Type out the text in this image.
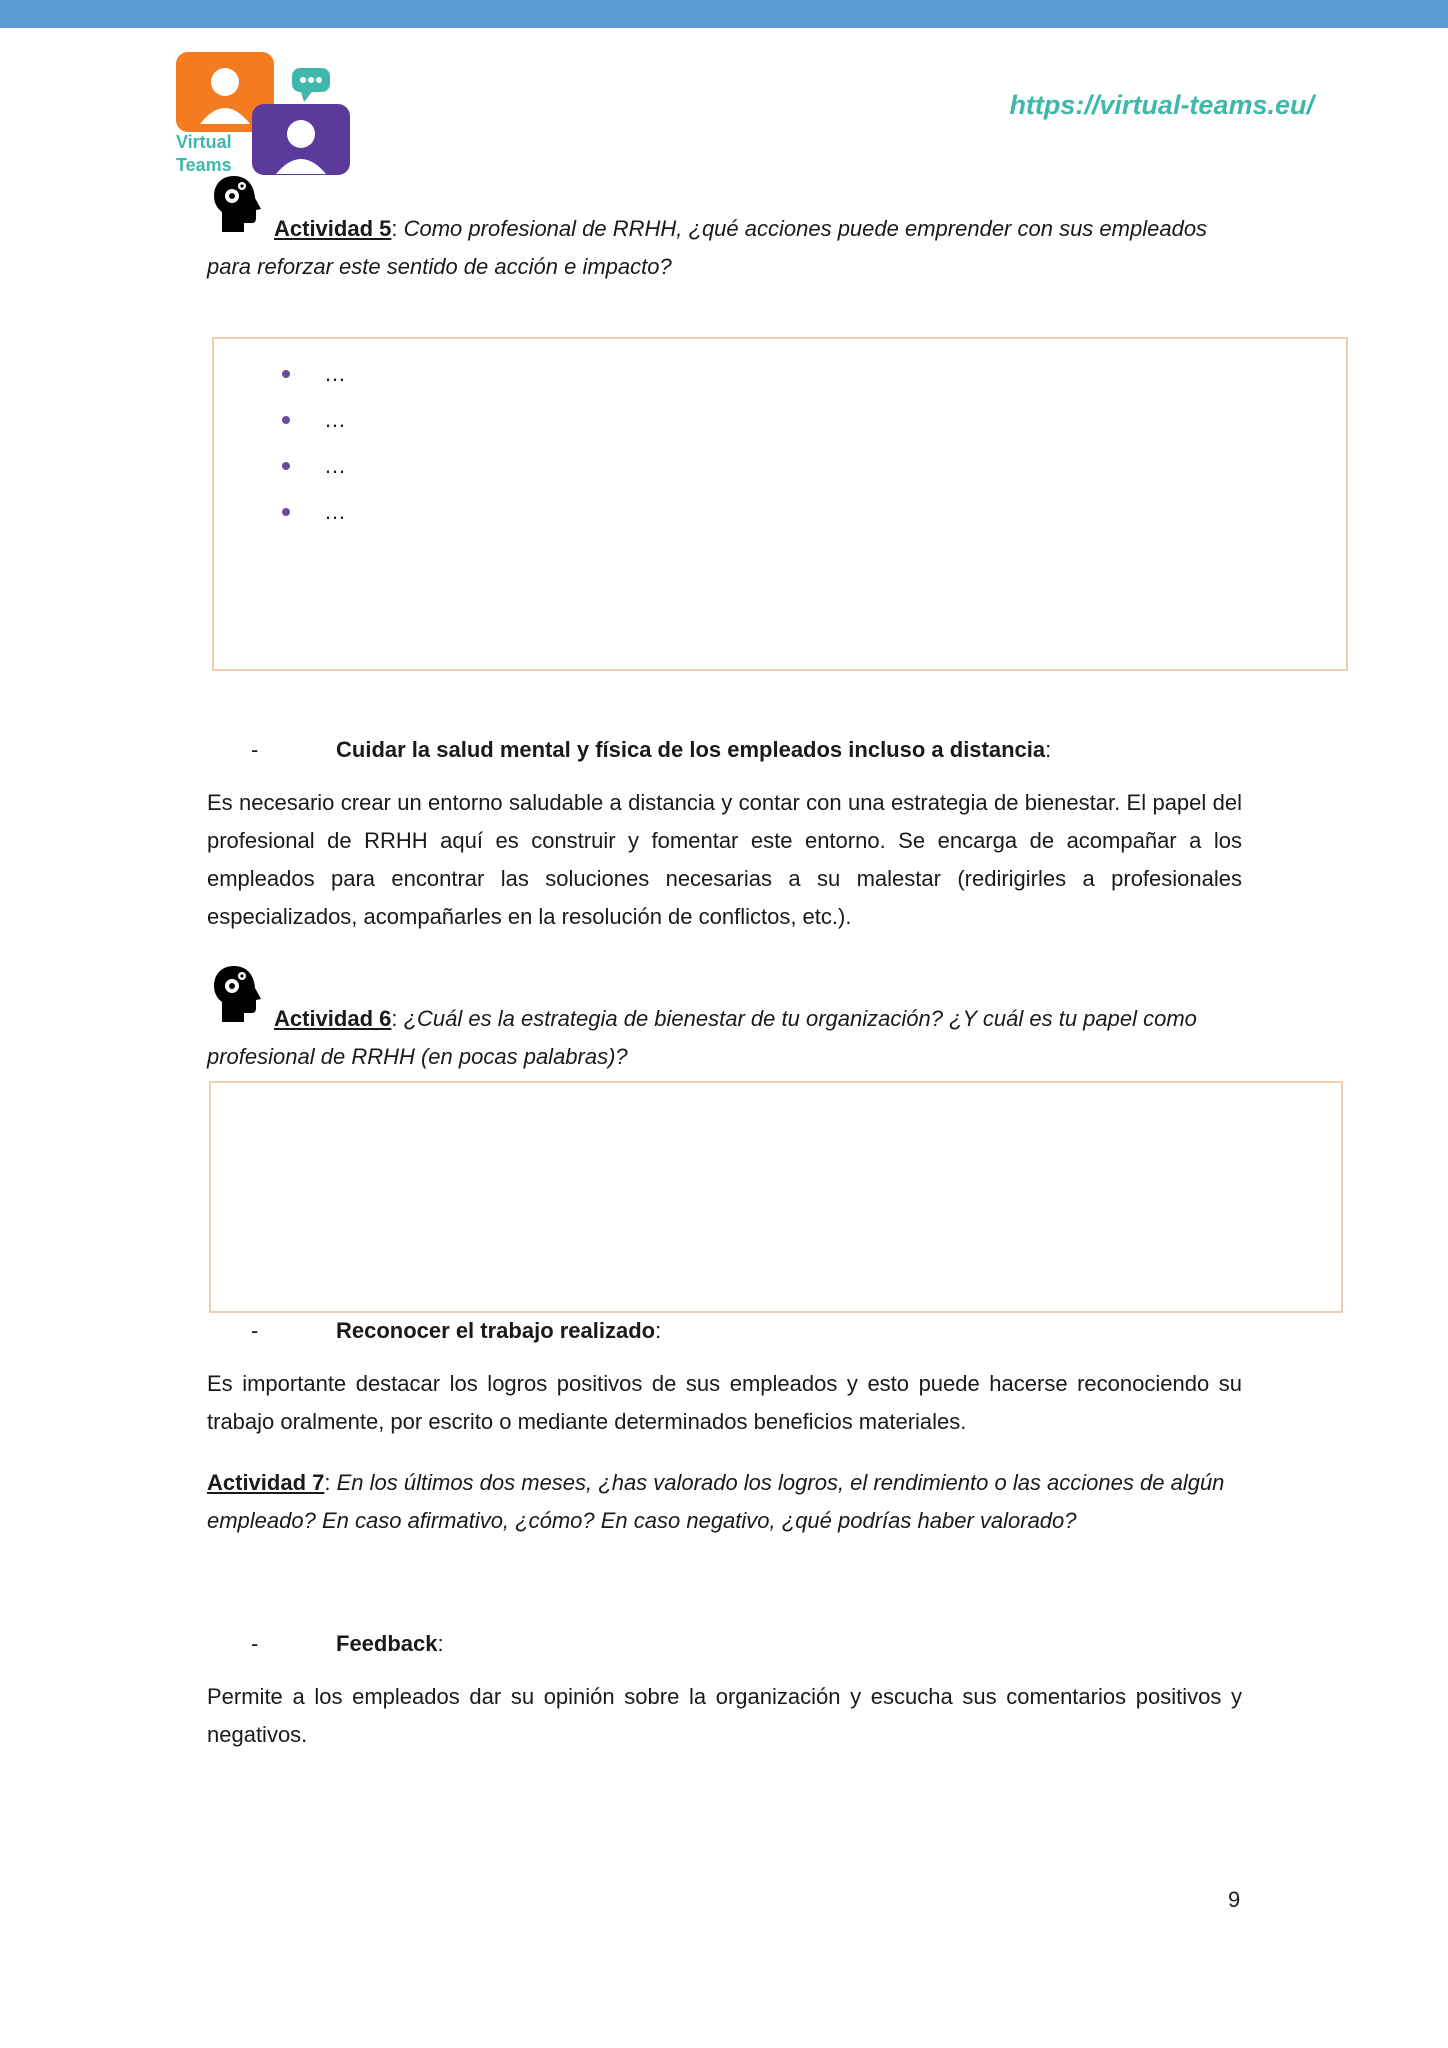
Virtual
Teams
https://virtual-teams.eu/
Actividad 5: Como profesional de RRHH, ¿qué acciones puede emprender con sus empleados para reforzar este sentido de acción e impacto?
…
…
…
…
-	Cuidar la salud mental y física de los empleados incluso a distancia:
Es necesario crear un entorno saludable a distancia y contar con una estrategia de bienestar. El papel del profesional de RRHH aquí es construir y fomentar este entorno. Se encarga de acompañar a los empleados para encontrar las soluciones necesarias a su malestar (redirigirles a profesionales especializados, acompañarles en la resolución de conflictos, etc.).
Actividad 6: ¿Cuál es la estrategia de bienestar de tu organización? ¿Y cuál es tu papel como profesional de RRHH (en pocas palabras)?
-	Reconocer el trabajo realizado:
Es importante destacar los logros positivos de sus empleados y esto puede hacerse reconociendo su trabajo oralmente, por escrito o mediante determinados beneficios materiales.
Actividad 7: En los últimos dos meses, ¿has valorado los logros, el rendimiento o las acciones de algún empleado? En caso afirmativo, ¿cómo? En caso negativo, ¿qué podrías haber valorado?
-	Feedback:
Permite a los empleados dar su opinión sobre la organización y escucha sus comentarios positivos y negativos.
9
